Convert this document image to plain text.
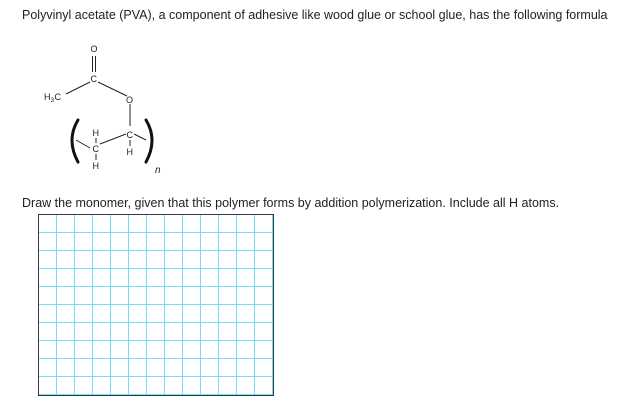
Polyvinyl acetate (PVA), a component of adhesive like wood glue or school glue, has the following formula
O
C
H 3 C	O
C
H
H
C
H	n
Draw the monomer, given that this polymer forms by addition polymerization. Include all H atoms.
